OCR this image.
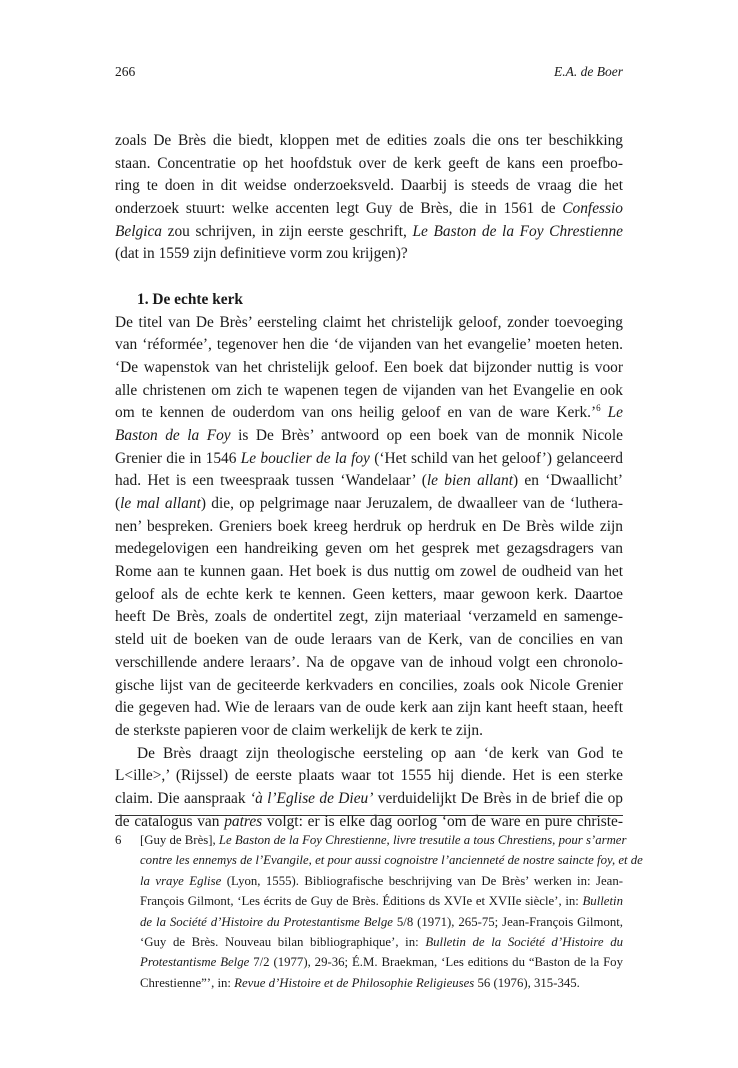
266	E.A. de Boer
zoals De Brès die biedt, kloppen met de edities zoals die ons ter beschikking
staan. Concentratie op het hoofdstuk over de kerk geeft de kans een proefbo-
ring te doen in dit weidse onderzoeksveld. Daarbij is steeds de vraag die het
onderzoek stuurt: welke accenten legt Guy de Brès, die in 1561 de Confessio
Belgica zou schrijven, in zijn eerste geschrift, Le Baston de la Foy Chrestienne
(dat in 1559 zijn definitieve vorm zou krijgen)?
1. De echte kerk
De titel van De Brès’ eersteling claimt het christelijk geloof, zonder toevoeging
van ‘réformée’, tegenover hen die ‘de vijanden van het evangelie’ moeten heten.
‘De wapenstok van het christelijk geloof. Een boek dat bijzonder nuttig is voor
alle christenen om zich te wapenen tegen de vijanden van het Evangelie en ook
om te kennen de ouderdom van ons heilig geloof en van de ware Kerk.’$^6$ Le
Baston de la Foy is De Brès’ antwoord op een boek van de monnik Nicole
Grenier die in 1546 Le bouclier de la foy (‘Het schild van het geloof’) gelanceerd
had. Het is een tweespraak tussen ‘Wandelaar’ (le bien allant) en ‘Dwaallicht’
(le mal allant) die, op pelgrimage naar Jeruzalem, de dwaalleer van de ‘luthera-
nen’ bespreken. Greniers boek kreeg herdruk op herdruk en De Brès wilde zijn
medegelovigen een handreiking geven om het gesprek met gezagsdragers van
Rome aan te kunnen gaan. Het boek is dus nuttig om zowel de oudheid van het
geloof als de echte kerk te kennen. Geen ketters, maar gewoon kerk. Daartoe
heeft De Brès, zoals de ondertitel zegt, zijn materiaal ‘verzameld en samenge-
steld uit de boeken van de oude leraars van de Kerk, van de concilies en van
verschillende andere leraars’. Na de opgave van de inhoud volgt een chronolo-
gische lijst van de geciteerde kerkvaders en concilies, zoals ook Nicole Grenier
die gegeven had. Wie de leraars van de oude kerk aan zijn kant heeft staan, heeft
de sterkste papieren voor de claim werkelijk de kerk te zijn.
De Brès draagt zijn theologische eersteling op aan ‘de kerk van God te
L<ille>,’ (Rijssel) de eerste plaats waar tot 1555 hij diende. Het is een sterke
claim. Die aanspraak ‘à l’Eglise de Dieu’ verduidelijkt De Brès in de brief die op
de catalogus van patres volgt: er is elke dag oorlog ‘om de ware en pure christe-
6 [Guy de Brès], Le Baston de la Foy Chrestienne, livre tresutile a tous Chrestiens, pour s’armer
contre les ennemys de l’Evangile, et pour aussi cognoistre l’ancienneté de nostre saincte foy, et de
la vraye Eglise (Lyon, 1555). Bibliografische beschrijving van De Brès’ werken in: Jean-
François Gilmont, ‘Les écrits de Guy de Brès. Éditions ds XVIe et XVIIe siècle’, in: Bulletin
de la Société d’Histoire du Protestantisme Belge 5/8 (1971), 265-75; Jean-François Gilmont,
‘Guy de Brès. Nouveau bilan bibliographique’, in: Bulletin de la Société d’Histoire du
Protestantisme Belge 7/2 (1977), 29-36; É.M. Braekman, ‘Les editions du “Baston de la Foy
Chrestienne”’, in: Revue d’Histoire et de Philosophie Religieuses 56 (1976), 315-345.
